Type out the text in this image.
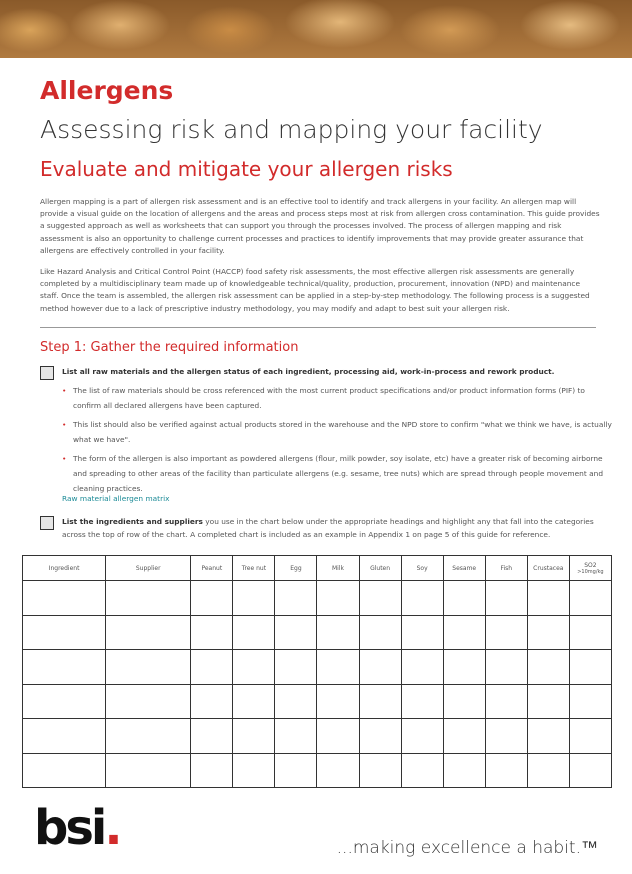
Allergens
Assessing risk and mapping your facility
Evaluate and mitigate your allergen risks
Allergen mapping is a part of allergen risk assessment and is an effective tool to identify and track allergens in your facility. An allergen map will provide a visual guide on the location of allergens and the areas and process steps most at risk from allergen cross contamination. This guide provides a suggested approach as well as worksheets that can support you through the processes involved. The process of allergen mapping and risk assessment is also an opportunity to challenge current processes and practices to identify improvements that may provide greater assurance that allergens are effectively controlled in your facility.
Like Hazard Analysis and Critical Control Point (HACCP) food safety risk assessments, the most effective allergen risk assessments are generally completed by a multidisciplinary team made up of knowledgeable technical/quality, production, procurement, innovation (NPD) and maintenance staff. Once the team is assembled, the allergen risk assessment can be applied in a step-by-step methodology. The following process is a suggested method however due to a lack of prescriptive industry methodology, you may modify and adapt to best suit your allergen risk.
Step 1: Gather the required information
List all raw materials and the allergen status of each ingredient, processing aid, work-in-process and rework product.
• The list of raw materials should be cross referenced with the most current product specifications and/or product information forms (PIF) to confirm all declared allergens have been captured.
• This list should also be verified against actual products stored in the warehouse and the NPD store to confirm "what we think we have, is actually what we have".
• The form of the allergen is also important as powdered allergens (flour, milk powder, soy isolate, etc) have a greater risk of becoming airborne and spreading to other areas of the facility than particulate allergens (e.g. sesame, tree nuts) which are spread through people movement and cleaning practices.
Raw material allergen matrix
List the ingredients and suppliers you use in the chart below under the appropriate headings and highlight any that fall into the categories across the top of row of the chart. A completed chart is included as an example in Appendix 1 on page 5 of this guide for reference.
Ingredient	Supplier	Peanut	Tree nut	Egg	Milk	Gluten	Soy	Sesame	Fish	Crustacea	SO2
>10mg/kg

bsi.	...making excellence a habit.™
